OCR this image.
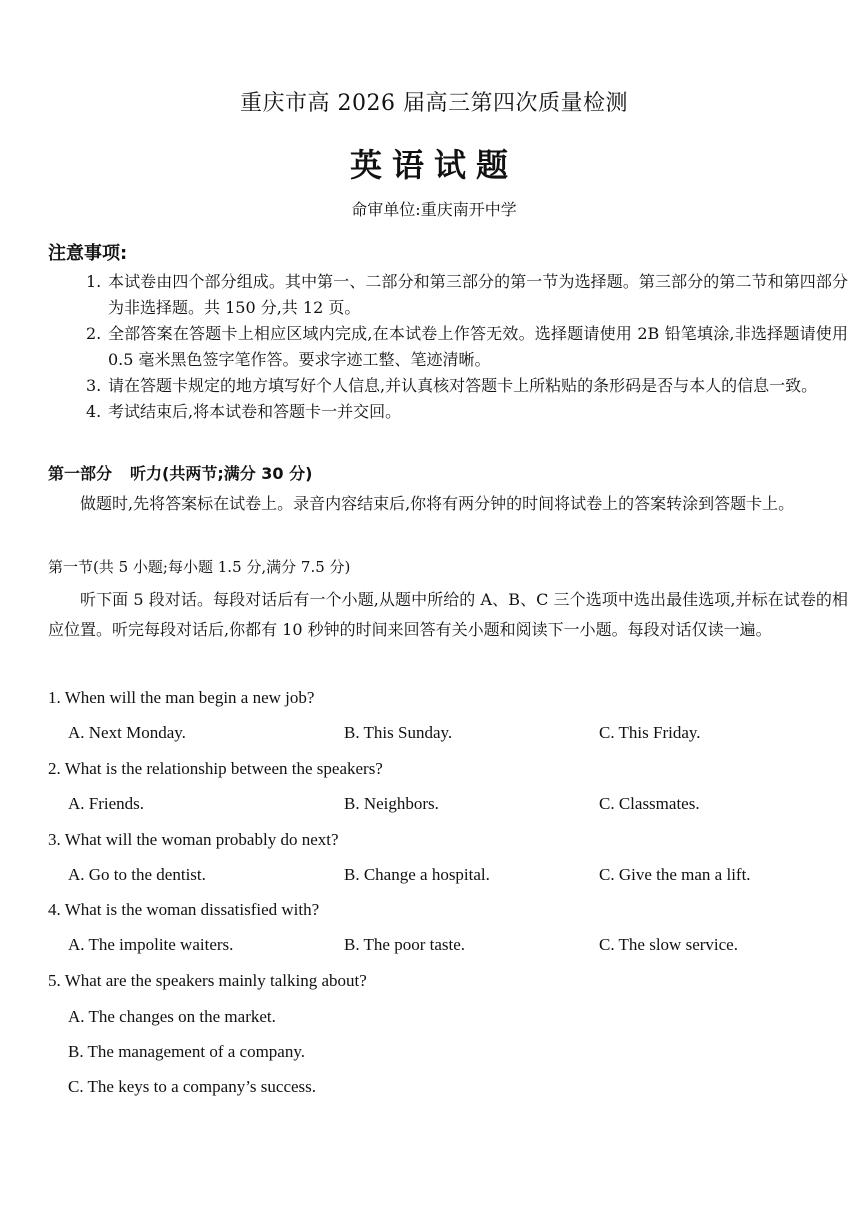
重庆市高 2026 届高三第四次质量检测
英语试题
命审单位:重庆南开中学
注意事项:
1. 本试卷由四个部分组成。其中第一、二部分和第三部分的第一节为选择题。第三部分的第二节和第四部分为非选择题。共 150 分,共 12 页。
2. 全部答案在答题卡上相应区域内完成,在本试卷上作答无效。选择题请使用 2B 铅笔填涂,非选择题请使用 0.5 毫米黑色签字笔作答。要求字迹工整、笔迹清晰。
3. 请在答题卡规定的地方填写好个人信息,并认真核对答题卡上所粘贴的条形码是否与本人的信息一致。
4. 考试结束后,将本试卷和答题卡一并交回。
第一部分 听力(共两节;满分 30 分)
做题时,先将答案标在试卷上。录音内容结束后,你将有两分钟的时间将试卷上的答案转涂到答题卡上。
第一节(共 5 小题;每小题 1.5 分,满分 7.5 分)
听下面 5 段对话。每段对话后有一个小题,从题中所给的 A、B、C 三个选项中选出最佳选项,并标在试卷的相应位置。听完每段对话后,你都有 10 秒钟的时间来回答有关小题和阅读下一小题。每段对话仅读一遍。
1. When will the man begin a new job?
A. Next Monday.	B. This Sunday.	C. This Friday.
2. What is the relationship between the speakers?
A. Friends.	B. Neighbors.	C. Classmates.
3. What will the woman probably do next?
A. Go to the dentist.	B. Change a hospital.	C. Give the man a lift.
4. What is the woman dissatisfied with?
A. The impolite waiters.	B. The poor taste.	C. The slow service.
5. What are the speakers mainly talking about?
A. The changes on the market.
B. The management of a company.
C. The keys to a company’s success.
